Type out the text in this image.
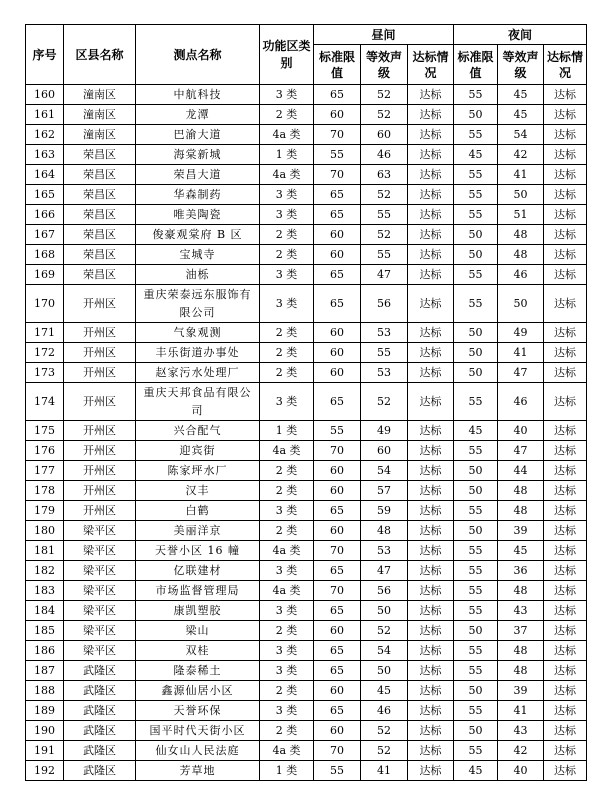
序号	区县名称	测点名称	功能区类别	昼间			夜间		
				标准限值	等效声级	达标情况	标准限值	等效声级	达标情况
160	潼南区	中航科技	3 类	65	52	达标	55	45	达标
161	潼南区	龙潭	2 类	60	52	达标	50	45	达标
162	潼南区	巴渝大道	4a 类	70	60	达标	55	54	达标
163	荣昌区	海棠新城	1 类	55	46	达标	45	42	达标
164	荣昌区	荣昌大道	4a 类	70	63	达标	55	41	达标
165	荣昌区	华森制药	3 类	65	52	达标	55	50	达标
166	荣昌区	唯美陶瓷	3 类	65	55	达标	55	51	达标
167	荣昌区	俊豪观棠府 B 区	2 类	60	52	达标	50	48	达标
168	荣昌区	宝城寺	2 类	60	55	达标	50	48	达标
169	荣昌区	油栎	3 类	65	47	达标	55	46	达标
170	开州区	重庆荣泰远东服饰有限公司	3 类	65	56	达标	55	50	达标
171	开州区	气象观测	2 类	60	53	达标	50	49	达标
172	开州区	丰乐街道办事处	2 类	60	55	达标	50	41	达标
173	开州区	赵家污水处理厂	2 类	60	53	达标	50	47	达标
174	开州区	重庆天邦食品有限公司	3 类	65	52	达标	55	46	达标
175	开州区	兴合配气	1 类	55	49	达标	45	40	达标
176	开州区	迎宾街	4a 类	70	60	达标	55	47	达标
177	开州区	陈家坪水厂	2 类	60	54	达标	50	44	达标
178	开州区	汉丰	2 类	60	57	达标	50	48	达标
179	开州区	白鹤	3 类	65	59	达标	55	48	达标
180	梁平区	美丽洋京	2 类	60	48	达标	50	39	达标
181	梁平区	天誉小区 16 幢	4a 类	70	53	达标	55	45	达标
182	梁平区	亿联建材	3 类	65	47	达标	55	36	达标
183	梁平区	市场监督管理局	4a 类	70	56	达标	55	48	达标
184	梁平区	康凯塑胶	3 类	65	50	达标	55	43	达标
185	梁平区	梁山	2 类	60	52	达标	50	37	达标
186	梁平区	双桂	3 类	65	54	达标	55	48	达标
187	武隆区	隆泰稀土	3 类	65	50	达标	55	48	达标
188	武隆区	鑫源仙居小区	2 类	60	45	达标	50	39	达标
189	武隆区	天誉环保	3 类	65	46	达标	55	41	达标
190	武隆区	国平时代天街小区	2 类	60	52	达标	50	43	达标
191	武隆区	仙女山人民法庭	4a 类	70	52	达标	55	42	达标
192	武隆区	芳草地	1 类	55	41	达标	45	40	达标
